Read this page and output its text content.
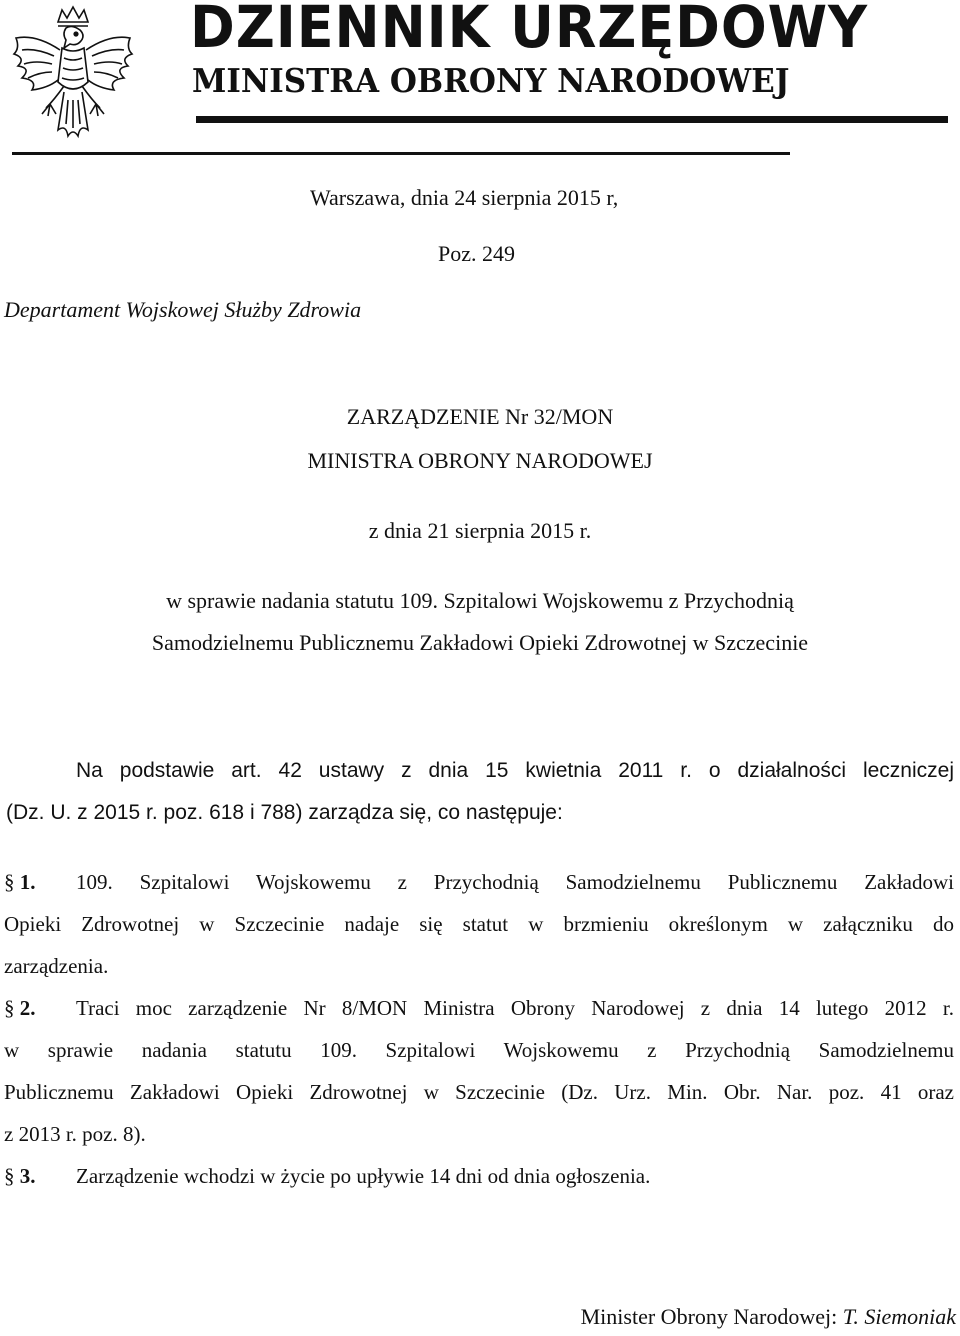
DZIENNIK URZĘDOWY
MINISTRA OBRONY NARODOWEJ
Warszawa, dnia 24 sierpnia 2015 r,
Poz. 249
Departament Wojskowej Służby Zdrowia
ZARZĄDZENIE Nr 32/MON
MINISTRA OBRONY NARODOWEJ
z dnia 21 sierpnia 2015 r.
w sprawie nadania statutu 109. Szpitalowi Wojskowemu z Przychodnią
Samodzielnemu Publicznemu Zakładowi Opieki Zdrowotnej w Szczecinie
Na podstawie art. 42 ustawy z dnia 15 kwietnia 2011 r. o działalności leczniczej
(Dz. U. z 2015 r. poz. 618 i 788) zarządza się, co następuje:
§ 1. 109. Szpitalowi Wojskowemu z Przychodnią Samodzielnemu Publicznemu Zakładowi
Opieki Zdrowotnej w Szczecinie nadaje się statut w brzmieniu określonym w załączniku do
zarządzenia.
§ 2. Traci moc zarządzenie Nr 8/MON Ministra Obrony Narodowej z dnia 14 lutego 2012 r.
w sprawie nadania statutu 109. Szpitalowi Wojskowemu z Przychodnią Samodzielnemu
Publicznemu Zakładowi Opieki Zdrowotnej w Szczecinie (Dz. Urz. Min. Obr. Nar. poz. 41 oraz
z 2013 r. poz. 8).
§ 3. Zarządzenie wchodzi w życie po upływie 14 dni od dnia ogłoszenia.
Minister Obrony Narodowej: T. Siemoniak
